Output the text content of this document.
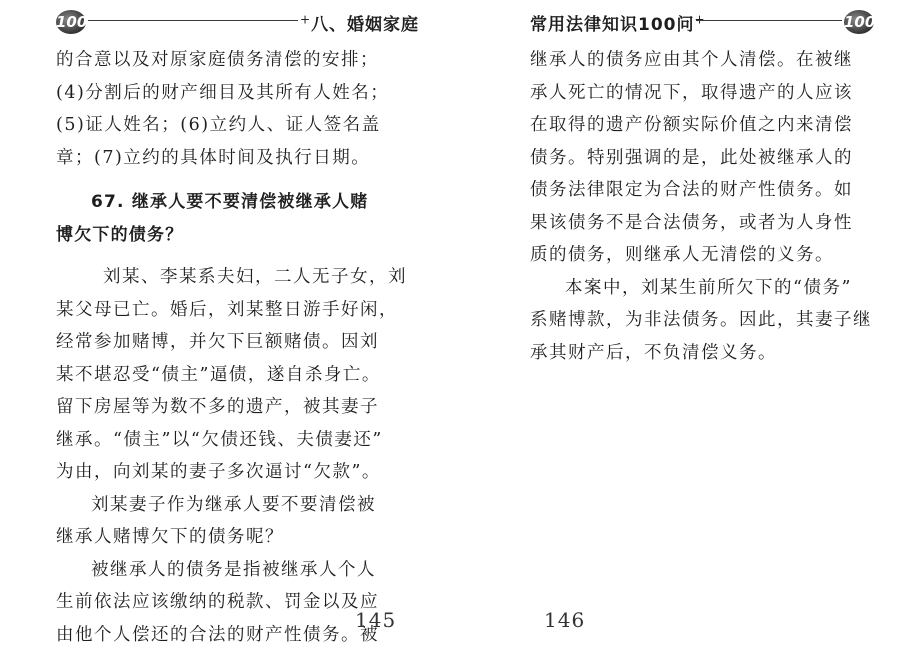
100	+八、婚姻家庭

的合意以及对原家庭债务清偿的安排；

(4)分割后的财产细目及其所有人姓名；

(5)证人姓名；(6)立约人、证人签名盖

章；(7)立约的具体时间及执行日期。

67. 继承人要不要清偿被继承人赌

博欠下的债务？

刘某、李某系夫妇，二人无子女，刘

某父母已亡。婚后，刘某整日游手好闲，

经常参加赌博，并欠下巨额赌债。因刘

某不堪忍受“债主”逼债，遂自杀身亡。

留下房屋等为数不多的遗产，被其妻子

继承。“债主”以“欠债还钱、夫债妻还”

为由，向刘某的妻子多次逼讨“欠款”。

刘某妻子作为继承人要不要清偿被

继承人赌博欠下的债务呢？

被继承人的债务是指被继承人个人

生前依法应该缴纳的税款、罚金以及应

由他个人偿还的合法的财产性债务。被

145
常用法律知识100问	100

继承人的债务应由其个人清偿。在被继

承人死亡的情况下，取得遗产的人应该

在取得的遗产份额实际价值之内来清偿

债务。特别强调的是，此处被继承人的

债务法律限定为合法的财产性债务。如

果该债务不是合法债务，或者为人身性

质的债务，则继承人无清偿的义务。

本案中，刘某生前所欠下的“债务”

系赌博款，为非法债务。因此，其妻子继

承其财产后，不负清偿义务。

146
